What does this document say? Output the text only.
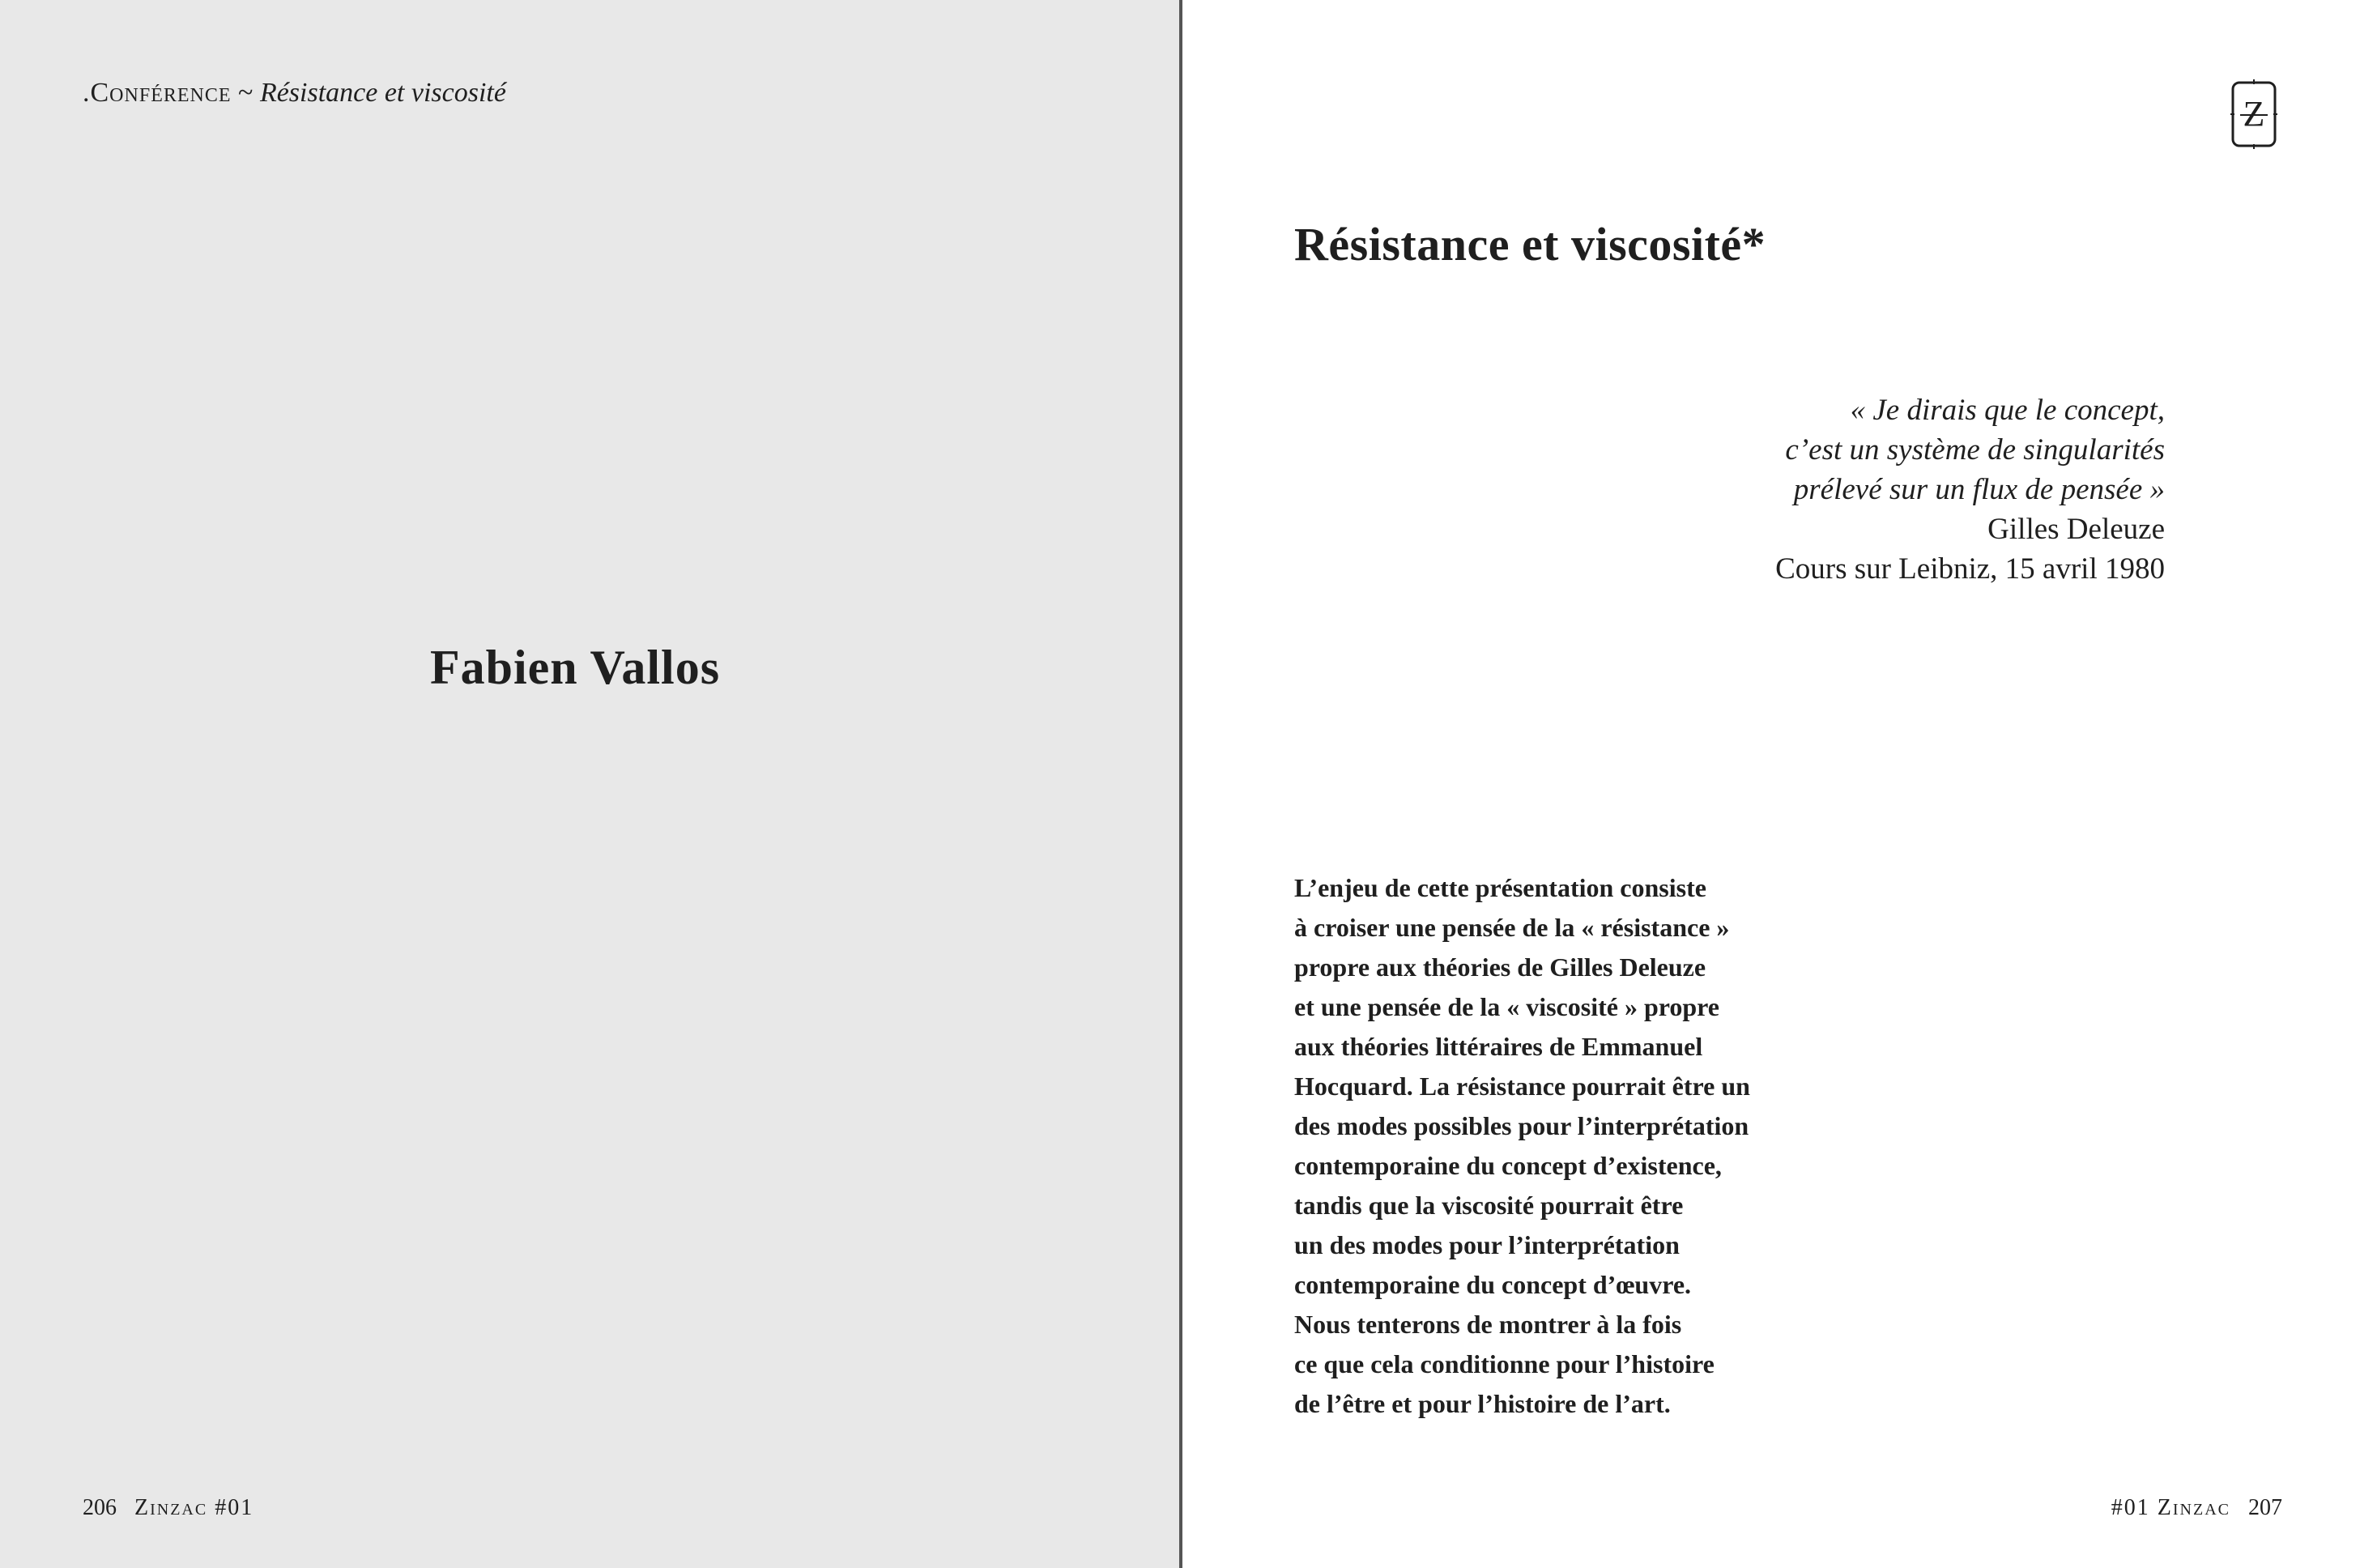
.Conférence ~ Résistance et viscosité
Fabien Vallos
206 Zinzac #01
Z
Résistance et viscosité*
« Je dirais que le concept,
c’est un système de singularités
prélevé sur un flux de pensée »
Gilles Deleuze
Cours sur Leibniz, 15 avril 1980
L’enjeu de cette présentation consiste
à croiser une pensée de la « résistance »
propre aux théories de Gilles Deleuze
et une pensée de la « viscosité » propre
aux théories littéraires de Emmanuel
Hocquard. La résistance pourrait être un
des modes possibles pour l’interprétation
contemporaine du concept d’existence,
tandis que la viscosité pourrait être
un des modes pour l’interprétation
contemporaine du concept d’œuvre.
Nous tenterons de montrer à la fois
ce que cela conditionne pour l’histoire
de l’être et pour l’histoire de l’art.
#01 Zinzac 207
